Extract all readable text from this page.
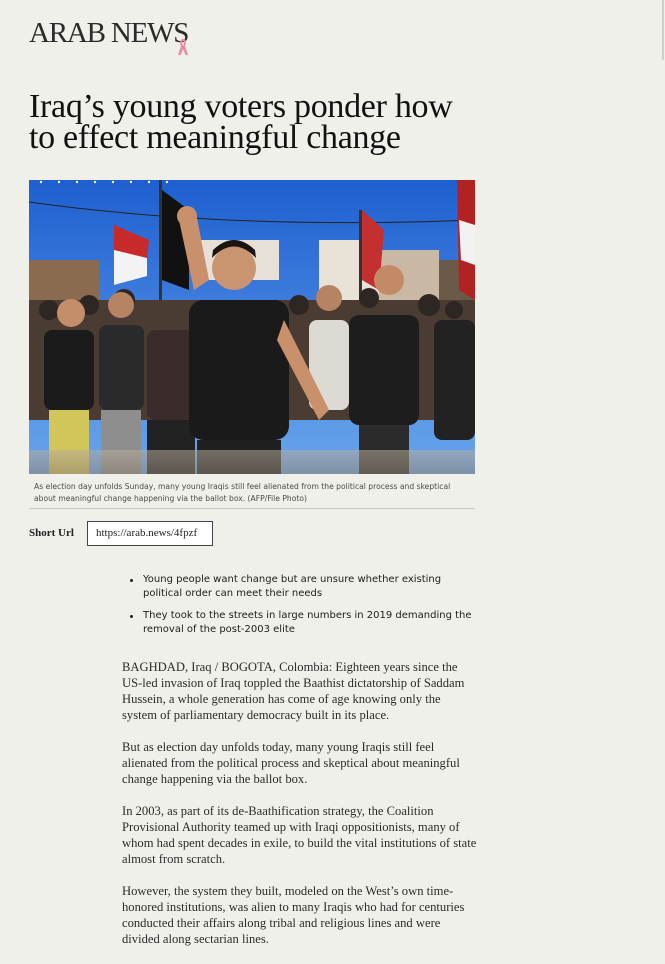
ARAB NEWS
Iraq’s young voters ponder how to effect meaningful change
As election day unfolds Sunday, many young Iraqis still feel alienated from the political process and skeptical about meaningful change happening via the ballot box. (AFP/File Photo)
Short Url	https://arab.news/4fpzf
Young people want change but are unsure whether existing political order can meet their needs
They took to the streets in large numbers in 2019 demanding the removal of the post-2003 elite

BAGHDAD, Iraq / BOGOTA, Colombia: Eighteen years since the US-led invasion of Iraq toppled the Baathist dictatorship of Saddam Hussein, a whole generation has come of age knowing only the system of parliamentary democracy built in its place.

But as election day unfolds today, many young Iraqis still feel alienated from the political process and skeptical about meaningful change happening via the ballot box.

In 2003, as part of its de-Baathification strategy, the Coalition Provisional Authority teamed up with Iraqi oppositionists, many of whom had spent decades in exile, to build the vital institutions of state almost from scratch.

However, the system they built, modeled on the West’s own time-honored institutions, was alien to many Iraqis who had for centuries conducted their affairs along tribal and religious lines and were divided along sectarian lines.
